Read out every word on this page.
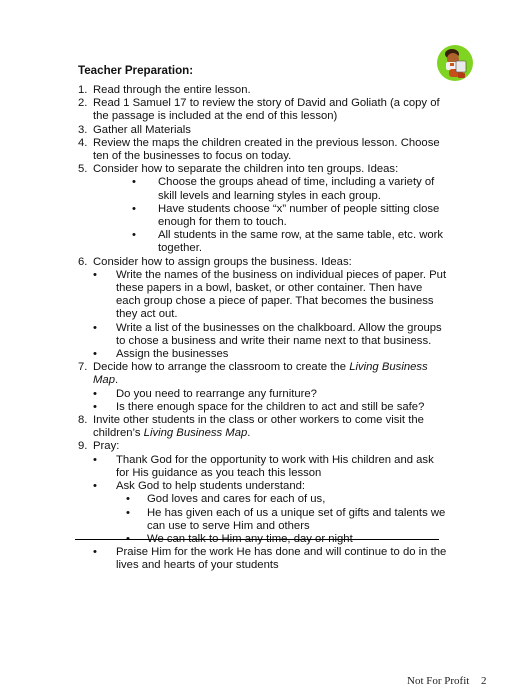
Teacher Preparation:
1. Read through the entire lesson.
2. Read 1 Samuel 17 to review the story of David and Goliath (a copy of the passage is included at the end of this lesson)
3. Gather all Materials
4. Review the maps the children created in the previous lesson. Choose ten of the businesses to focus on today.
5. Consider how to separate the children into ten groups. Ideas:
• Choose the groups ahead of time, including a variety of skill levels and learning styles in each group.
• Have students choose “x” number of people sitting close enough for them to touch.
• All students in the same row, at the same table, etc. work together.
6. Consider how to assign groups the business. Ideas:
• Write the names of the business on individual pieces of paper. Put these papers in a bowl, basket, or other container. Then have each group chose a piece of paper. That becomes the business they act out.
• Write a list of the businesses on the chalkboard. Allow the groups to chose a business and write their name next to that business.
• Assign the businesses
7. Decide how to arrange the classroom to create the Living Business Map.
• Do you need to rearrange any furniture?
• Is there enough space for the children to act and still be safe?
8. Invite other students in the class or other workers to come visit the children’s Living Business Map.
9. Pray:
• Thank God for the opportunity to work with His children and ask for His guidance as you teach this lesson
• Ask God to help students understand:
• God loves and cares for each of us,
• He has given each of us a unique set of gifts and talents we can use to serve Him and others
• We can talk to Him any time, day or night
• Praise Him for the work He has done and will continue to do in the lives and hearts of your students
Not For Profit 2
